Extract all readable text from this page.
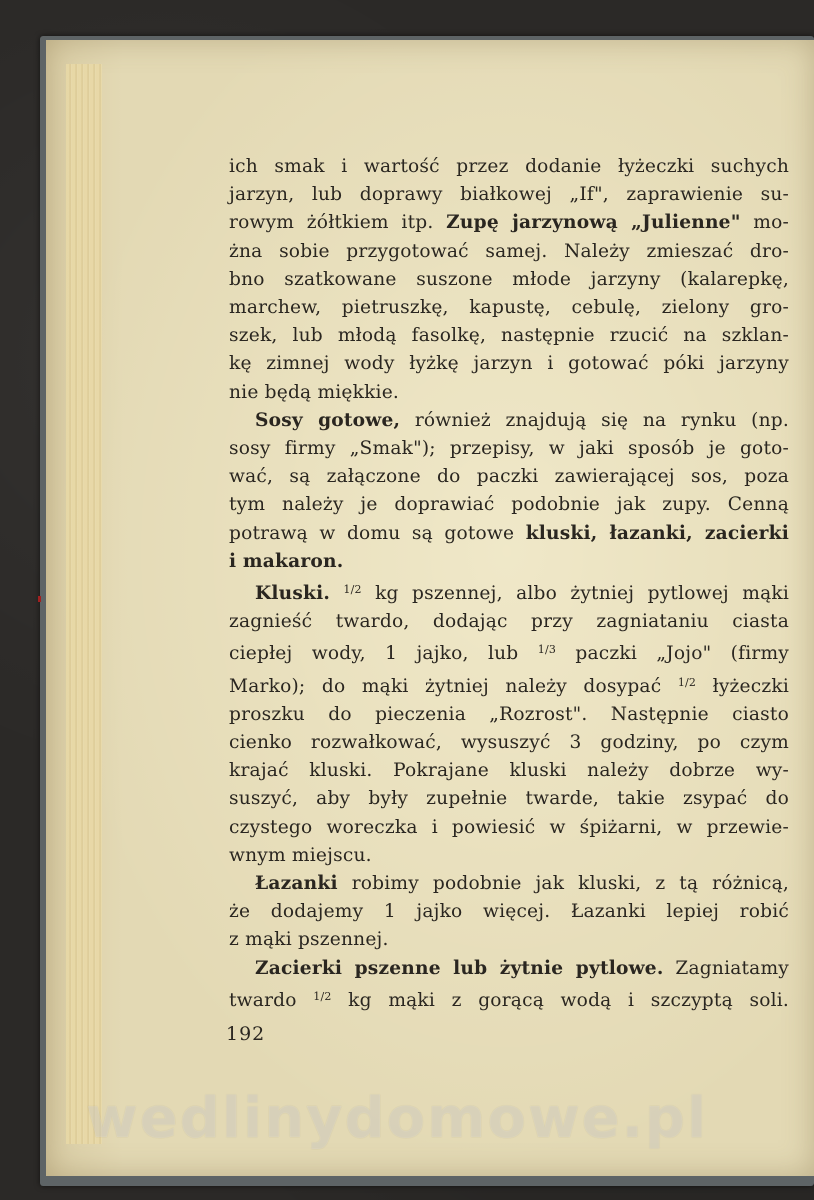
ich smak i wartość przez dodanie łyżeczki suchych
jarzyn, lub doprawy białkowej „If", zaprawienie su-
rowym żółtkiem itp. Zupę jarzynową „Julienne" mo-
żna sobie przygotować samej. Należy zmieszać dro-
bno szatkowane suszone młode jarzyny (kalarepkę,
marchew, pietruszkę, kapustę, cebulę, zielony gro-
szek, lub młodą fasolkę, następnie rzucić na szklan-
kę zimnej wody łyżkę jarzyn i gotować póki jarzyny
nie będą miękkie.
Sosy gotowe, również znajdują się na rynku (np.
sosy firmy „Smak"); przepisy, w jaki sposób je goto-
wać, są załączone do paczki zawierającej sos, poza
tym należy je doprawiać podobnie jak zupy. Cenną
potrawą w domu są gotowe kluski, łazanki, zacierki
i makaron.
Kluski. $^{1/2}$ kg pszennej, albo żytniej pytlowej mąki
zagnieść twardo, dodając przy zagniataniu ciasta
ciepłej wody, 1 jajko, lub $^{1/3}$ paczki „Jojo" (firmy
Marko); do mąki żytniej należy dosypać $^{1/2}$ łyżeczki
proszku do pieczenia „Rozrost". Następnie ciasto
cienko rozwałkować, wysuszyć 3 godziny, po czym
krajać kluski. Pokrajane kluski należy dobrze wy-
suszyć, aby były zupełnie twarde, takie zsypać do
czystego woreczka i powiesić w śpiżarni, w przewie-
wnym miejscu.
Łazanki robimy podobnie jak kluski, z tą różnicą,
że dodajemy 1 jajko więcej. Łazanki lepiej robić
z mąki pszennej.
Zacierki pszenne lub żytnie pytlowe. Zagniatamy
twardo $^{1/2}$ kg mąki z gorącą wodą i szczyptą soli.
192
wedlinydomowe.pl
